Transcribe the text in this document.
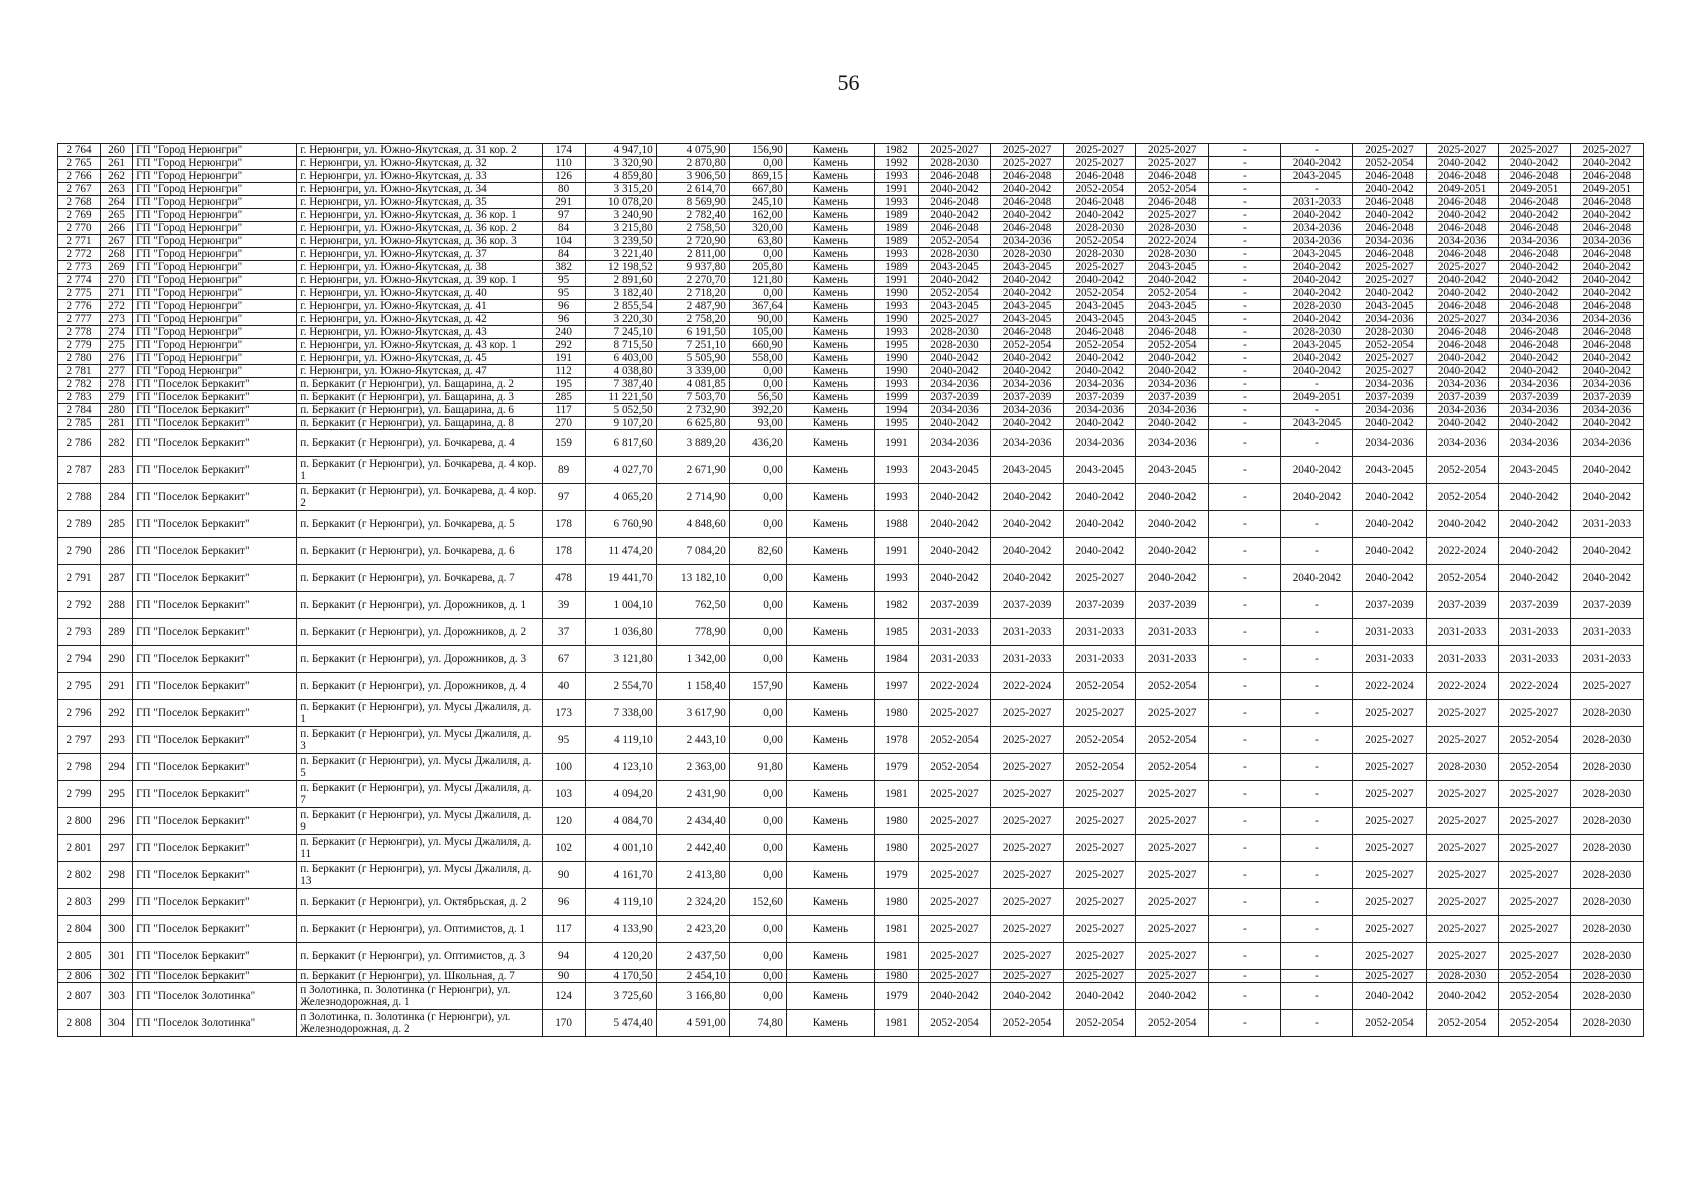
56
2 764	260	ГП "Город Нерюнгри"	г. Нерюнгри, ул. Южно-Якутская, д. 31 кор. 2	174	4 947,10	4 075,90	156,90	Камень	1982	2025-2027	2025-2027	2025-2027	2025-2027	-	-	2025-2027	2025-2027	2025-2027	2025-2027
2 765	261	ГП "Город Нерюнгри"	г. Нерюнгри, ул. Южно-Якутская, д. 32	110	3 320,90	2 870,80	0,00	Камень	1992	2028-2030	2025-2027	2025-2027	2025-2027	-	2040-2042	2052-2054	2040-2042	2040-2042	2040-2042
2 766	262	ГП "Город Нерюнгри"	г. Нерюнгри, ул. Южно-Якутская, д. 33	126	4 859,80	3 906,50	869,15	Камень	1993	2046-2048	2046-2048	2046-2048	2046-2048	-	2043-2045	2046-2048	2046-2048	2046-2048	2046-2048
2 767	263	ГП "Город Нерюнгри"	г. Нерюнгри, ул. Южно-Якутская, д. 34	80	3 315,20	2 614,70	667,80	Камень	1991	2040-2042	2040-2042	2052-2054	2052-2054	-	-	2040-2042	2049-2051	2049-2051	2049-2051
2 768	264	ГП "Город Нерюнгри"	г. Нерюнгри, ул. Южно-Якутская, д. 35	291	10 078,20	8 569,90	245,10	Камень	1993	2046-2048	2046-2048	2046-2048	2046-2048	-	2031-2033	2046-2048	2046-2048	2046-2048	2046-2048
2 769	265	ГП "Город Нерюнгри"	г. Нерюнгри, ул. Южно-Якутская, д. 36 кор. 1	97	3 240,90	2 782,40	162,00	Камень	1989	2040-2042	2040-2042	2040-2042	2025-2027	-	2040-2042	2040-2042	2040-2042	2040-2042	2040-2042
2 770	266	ГП "Город Нерюнгри"	г. Нерюнгри, ул. Южно-Якутская, д. 36 кор. 2	84	3 215,80	2 758,50	320,00	Камень	1989	2046-2048	2046-2048	2028-2030	2028-2030	-	2034-2036	2046-2048	2046-2048	2046-2048	2046-2048
2 771	267	ГП "Город Нерюнгри"	г. Нерюнгри, ул. Южно-Якутская, д. 36 кор. 3	104	3 239,50	2 720,90	63,80	Камень	1989	2052-2054	2034-2036	2052-2054	2022-2024	-	2034-2036	2034-2036	2034-2036	2034-2036	2034-2036
2 772	268	ГП "Город Нерюнгри"	г. Нерюнгри, ул. Южно-Якутская, д. 37	84	3 221,40	2 811,00	0,00	Камень	1993	2028-2030	2028-2030	2028-2030	2028-2030	-	2043-2045	2046-2048	2046-2048	2046-2048	2046-2048
2 773	269	ГП "Город Нерюнгри"	г. Нерюнгри, ул. Южно-Якутская, д. 38	382	12 198,52	9 937,80	205,80	Камень	1989	2043-2045	2043-2045	2025-2027	2043-2045	-	2040-2042	2025-2027	2025-2027	2040-2042	2040-2042
2 774	270	ГП "Город Нерюнгри"	г. Нерюнгри, ул. Южно-Якутская, д. 39 кор. 1	95	2 891,60	2 270,70	121,80	Камень	1991	2040-2042	2040-2042	2040-2042	2040-2042	-	2040-2042	2025-2027	2040-2042	2040-2042	2040-2042
2 775	271	ГП "Город Нерюнгри"	г. Нерюнгри, ул. Южно-Якутская, д. 40	95	3 182,40	2 718,20	0,00	Камень	1990	2052-2054	2040-2042	2052-2054	2052-2054	-	2040-2042	2040-2042	2040-2042	2040-2042	2040-2042
2 776	272	ГП "Город Нерюнгри"	г. Нерюнгри, ул. Южно-Якутская, д. 41	96	2 855,54	2 487,90	367,64	Камень	1993	2043-2045	2043-2045	2043-2045	2043-2045	-	2028-2030	2043-2045	2046-2048	2046-2048	2046-2048
2 777	273	ГП "Город Нерюнгри"	г. Нерюнгри, ул. Южно-Якутская, д. 42	96	3 220,30	2 758,20	90,00	Камень	1990	2025-2027	2043-2045	2043-2045	2043-2045	-	2040-2042	2034-2036	2025-2027	2034-2036	2034-2036
2 778	274	ГП "Город Нерюнгри"	г. Нерюнгри, ул. Южно-Якутская, д. 43	240	7 245,10	6 191,50	105,00	Камень	1993	2028-2030	2046-2048	2046-2048	2046-2048	-	2028-2030	2028-2030	2046-2048	2046-2048	2046-2048
2 779	275	ГП "Город Нерюнгри"	г. Нерюнгри, ул. Южно-Якутская, д. 43 кор. 1	292	8 715,50	7 251,10	660,90	Камень	1995	2028-2030	2052-2054	2052-2054	2052-2054	-	2043-2045	2052-2054	2046-2048	2046-2048	2046-2048
2 780	276	ГП "Город Нерюнгри"	г. Нерюнгри, ул. Южно-Якутская, д. 45	191	6 403,00	5 505,90	558,00	Камень	1990	2040-2042	2040-2042	2040-2042	2040-2042	-	2040-2042	2025-2027	2040-2042	2040-2042	2040-2042
2 781	277	ГП "Город Нерюнгри"	г. Нерюнгри, ул. Южно-Якутская, д. 47	112	4 038,80	3 339,00	0,00	Камень	1990	2040-2042	2040-2042	2040-2042	2040-2042	-	2040-2042	2025-2027	2040-2042	2040-2042	2040-2042
2 782	278	ГП "Поселок Беркакит"	п. Беркакит (г Нерюнгри), ул. Бащарина, д. 2	195	7 387,40	4 081,85	0,00	Камень	1993	2034-2036	2034-2036	2034-2036	2034-2036	-	-	2034-2036	2034-2036	2034-2036	2034-2036
2 783	279	ГП "Поселок Беркакит"	п. Беркакит (г Нерюнгри), ул. Бащарина, д. 3	285	11 221,50	7 503,70	56,50	Камень	1999	2037-2039	2037-2039	2037-2039	2037-2039	-	2049-2051	2037-2039	2037-2039	2037-2039	2037-2039
2 784	280	ГП "Поселок Беркакит"	п. Беркакит (г Нерюнгри), ул. Бащарина, д. 6	117	5 052,50	2 732,90	392,20	Камень	1994	2034-2036	2034-2036	2034-2036	2034-2036	-	-	2034-2036	2034-2036	2034-2036	2034-2036
2 785	281	ГП "Поселок Беркакит"	п. Беркакит (г Нерюнгри), ул. Бащарина, д. 8	270	9 107,20	6 625,80	93,00	Камень	1995	2040-2042	2040-2042	2040-2042	2040-2042	-	2043-2045	2040-2042	2040-2042	2040-2042	2040-2042
2 786	282	ГП "Поселок Беркакит"	п. Беркакит (г Нерюнгри), ул. Бочкарева, д. 4	159	6 817,60	3 889,20	436,20	Камень	1991	2034-2036	2034-2036	2034-2036	2034-2036	-	-	2034-2036	2034-2036	2034-2036	2034-2036
2 787	283	ГП "Поселок Беркакит"	п. Беркакит (г Нерюнгри), ул. Бочкарева, д. 4 кор. 1	89	4 027,70	2 671,90	0,00	Камень	1993	2043-2045	2043-2045	2043-2045	2043-2045	-	2040-2042	2043-2045	2052-2054	2043-2045	2040-2042
2 788	284	ГП "Поселок Беркакит"	п. Беркакит (г Нерюнгри), ул. Бочкарева, д. 4 кор. 2	97	4 065,20	2 714,90	0,00	Камень	1993	2040-2042	2040-2042	2040-2042	2040-2042	-	2040-2042	2040-2042	2052-2054	2040-2042	2040-2042
2 789	285	ГП "Поселок Беркакит"	п. Беркакит (г Нерюнгри), ул. Бочкарева, д. 5	178	6 760,90	4 848,60	0,00	Камень	1988	2040-2042	2040-2042	2040-2042	2040-2042	-	-	2040-2042	2040-2042	2040-2042	2031-2033
2 790	286	ГП "Поселок Беркакит"	п. Беркакит (г Нерюнгри), ул. Бочкарева, д. 6	178	11 474,20	7 084,20	82,60	Камень	1991	2040-2042	2040-2042	2040-2042	2040-2042	-	-	2040-2042	2022-2024	2040-2042	2040-2042
2 791	287	ГП "Поселок Беркакит"	п. Беркакит (г Нерюнгри), ул. Бочкарева, д. 7	478	19 441,70	13 182,10	0,00	Камень	1993	2040-2042	2040-2042	2025-2027	2040-2042	-	2040-2042	2040-2042	2052-2054	2040-2042	2040-2042
2 792	288	ГП "Поселок Беркакит"	п. Беркакит (г Нерюнгри), ул. Дорожников, д. 1	39	1 004,10	762,50	0,00	Камень	1982	2037-2039	2037-2039	2037-2039	2037-2039	-	-	2037-2039	2037-2039	2037-2039	2037-2039
2 793	289	ГП "Поселок Беркакит"	п. Беркакит (г Нерюнгри), ул. Дорожников, д. 2	37	1 036,80	778,90	0,00	Камень	1985	2031-2033	2031-2033	2031-2033	2031-2033	-	-	2031-2033	2031-2033	2031-2033	2031-2033
2 794	290	ГП "Поселок Беркакит"	п. Беркакит (г Нерюнгри), ул. Дорожников, д. 3	67	3 121,80	1 342,00	0,00	Камень	1984	2031-2033	2031-2033	2031-2033	2031-2033	-	-	2031-2033	2031-2033	2031-2033	2031-2033
2 795	291	ГП "Поселок Беркакит"	п. Беркакит (г Нерюнгри), ул. Дорожников, д. 4	40	2 554,70	1 158,40	157,90	Камень	1997	2022-2024	2022-2024	2052-2054	2052-2054	-	-	2022-2024	2022-2024	2022-2024	2025-2027
2 796	292	ГП "Поселок Беркакит"	п. Беркакит (г Нерюнгри), ул. Мусы Джалиля, д. 1	173	7 338,00	3 617,90	0,00	Камень	1980	2025-2027	2025-2027	2025-2027	2025-2027	-	-	2025-2027	2025-2027	2025-2027	2028-2030
2 797	293	ГП "Поселок Беркакит"	п. Беркакит (г Нерюнгри), ул. Мусы Джалиля, д. 3	95	4 119,10	2 443,10	0,00	Камень	1978	2052-2054	2025-2027	2052-2054	2052-2054	-	-	2025-2027	2025-2027	2052-2054	2028-2030
2 798	294	ГП "Поселок Беркакит"	п. Беркакит (г Нерюнгри), ул. Мусы Джалиля, д. 5	100	4 123,10	2 363,00	91,80	Камень	1979	2052-2054	2025-2027	2052-2054	2052-2054	-	-	2025-2027	2028-2030	2052-2054	2028-2030
2 799	295	ГП "Поселок Беркакит"	п. Беркакит (г Нерюнгри), ул. Мусы Джалиля, д. 7	103	4 094,20	2 431,90	0,00	Камень	1981	2025-2027	2025-2027	2025-2027	2025-2027	-	-	2025-2027	2025-2027	2025-2027	2028-2030
2 800	296	ГП "Поселок Беркакит"	п. Беркакит (г Нерюнгри), ул. Мусы Джалиля, д. 9	120	4 084,70	2 434,40	0,00	Камень	1980	2025-2027	2025-2027	2025-2027	2025-2027	-	-	2025-2027	2025-2027	2025-2027	2028-2030
2 801	297	ГП "Поселок Беркакит"	п. Беркакит (г Нерюнгри), ул. Мусы Джалиля, д. 11	102	4 001,10	2 442,40	0,00	Камень	1980	2025-2027	2025-2027	2025-2027	2025-2027	-	-	2025-2027	2025-2027	2025-2027	2028-2030
2 802	298	ГП "Поселок Беркакит"	п. Беркакит (г Нерюнгри), ул. Мусы Джалиля, д. 13	90	4 161,70	2 413,80	0,00	Камень	1979	2025-2027	2025-2027	2025-2027	2025-2027	-	-	2025-2027	2025-2027	2025-2027	2028-2030
2 803	299	ГП "Поселок Беркакит"	п. Беркакит (г Нерюнгри), ул. Октябрьская, д. 2	96	4 119,10	2 324,20	152,60	Камень	1980	2025-2027	2025-2027	2025-2027	2025-2027	-	-	2025-2027	2025-2027	2025-2027	2028-2030
2 804	300	ГП "Поселок Беркакит"	п. Беркакит (г Нерюнгри), ул. Оптимистов, д. 1	117	4 133,90	2 423,20	0,00	Камень	1981	2025-2027	2025-2027	2025-2027	2025-2027	-	-	2025-2027	2025-2027	2025-2027	2028-2030
2 805	301	ГП "Поселок Беркакит"	п. Беркакит (г Нерюнгри), ул. Оптимистов, д. 3	94	4 120,20	2 437,50	0,00	Камень	1981	2025-2027	2025-2027	2025-2027	2025-2027	-	-	2025-2027	2025-2027	2025-2027	2028-2030
2 806	302	ГП "Поселок Беркакит"	п. Беркакит (г Нерюнгри), ул. Школьная, д. 7	90	4 170,50	2 454,10	0,00	Камень	1980	2025-2027	2025-2027	2025-2027	2025-2027	-	-	2025-2027	2028-2030	2052-2054	2028-2030
2 807	303	ГП "Поселок Золотинка"	п Золотинка, п. Золотинка (г Нерюнгри), ул. Железнодорожная, д. 1	124	3 725,60	3 166,80	0,00	Камень	1979	2040-2042	2040-2042	2040-2042	2040-2042	-	-	2040-2042	2040-2042	2052-2054	2028-2030
2 808	304	ГП "Поселок Золотинка"	п Золотинка, п. Золотинка (г Нерюнгри), ул. Железнодорожная, д. 2	170	5 474,40	4 591,00	74,80	Камень	1981	2052-2054	2052-2054	2052-2054	2052-2054	-	-	2052-2054	2052-2054	2052-2054	2028-2030
